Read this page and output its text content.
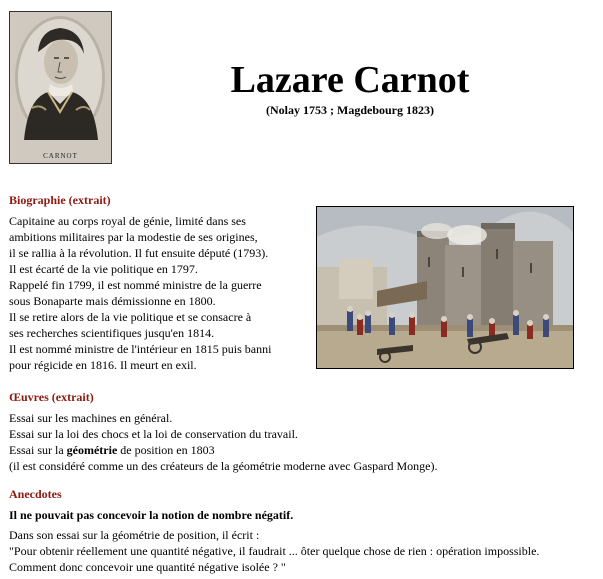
CARNOT
Lazare Carnot
(Nolay 1753 ; Magdebourg 1823)
Biographie (extrait)
Capitaine au corps royal de génie, limité dans ses
ambitions militaires par la modestie de ses origines,
il se rallia à la révolution. Il fut ensuite député (1793).
Il est écarté de la vie politique en 1797.
Rappelé fin 1799, il est nommé ministre de la guerre
sous Bonaparte mais démissionne en 1800.
Il se retire alors de la vie politique et se consacre à
ses recherches scientifiques jusqu'en 1814.
Il est nommé ministre de l'intérieur en 1815 puis banni
pour régicide en 1816. Il meurt en exil.
Œuvres (extrait)
Essai sur les machines en général.
Essai sur la loi des chocs et la loi de conservation du travail.
Essai sur la géométrie de position en 1803
(il est considéré comme un des créateurs de la géométrie moderne avec Gaspard Monge).
Anecdotes
Il ne pouvait pas concevoir la notion de nombre négatif.
Dans son essai sur la géométrie de position, il écrit :
"Pour obtenir réellement une quantité négative, il faudrait ... ôter quelque chose de rien : opération impossible.
Comment donc concevoir une quantité négative isolée ? "
